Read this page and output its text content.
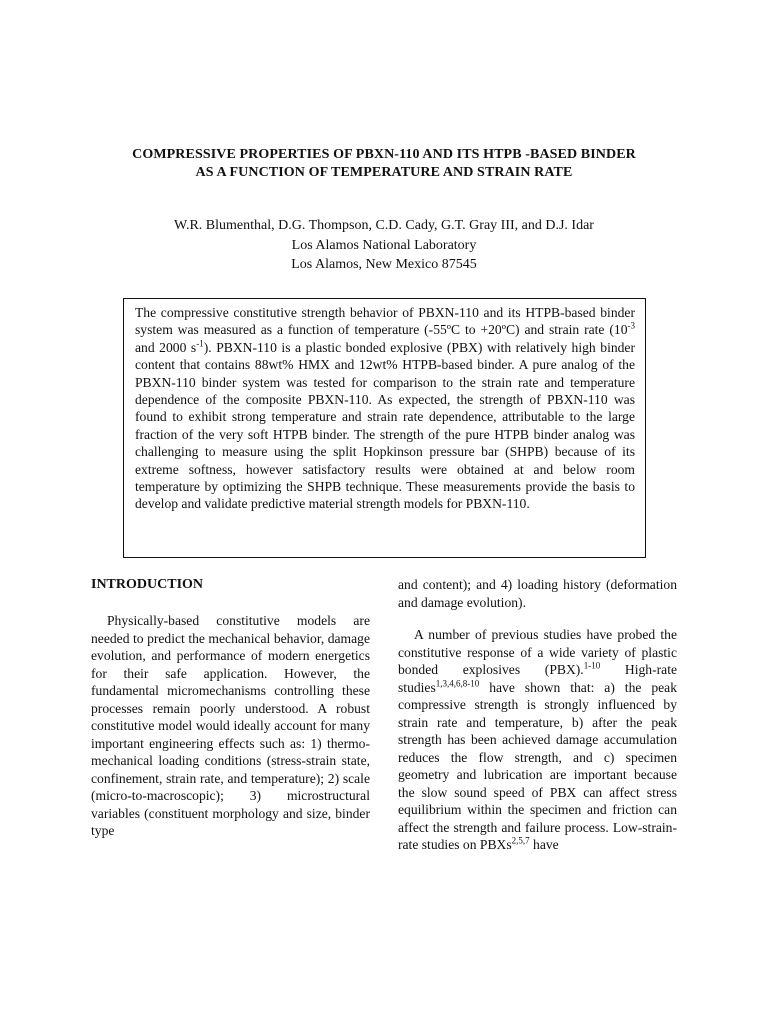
COMPRESSIVE PROPERTIES OF PBXN-110 AND ITS HTPB -BASED BINDER
AS A FUNCTION OF TEMPERATURE AND STRAIN RATE
W.R. Blumenthal, D.G. Thompson, C.D. Cady, G.T. Gray III, and D.J. Idar
Los Alamos National Laboratory
Los Alamos, New Mexico 87545

The compressive constitutive strength behavior of PBXN-110 and its HTPB-based binder system was measured as a function of temperature (-55ºC to +20ºC) and strain rate ($10^{-3}$ and 2000 $s^{-1}$). PBXN-110 is a plastic bonded explosive (PBX) with relatively high binder content that contains 88wt% HMX and 12wt% HTPB-based binder. A pure analog of the PBXN-110 binder system was tested for comparison to the strain rate and temperature dependence of the composite PBXN-110. As expected, the strength of PBXN-110 was found to exhibit strong temperature and strain rate dependence, attributable to the large fraction of the very soft HTPB binder. The strength of the pure HTPB binder analog was challenging to measure using the split Hopkinson pressure bar (SHPB) because of its extreme softness, however satisfactory results were obtained at and below room temperature by optimizing the SHPB technique. These measurements provide the basis to develop and validate predictive material strength models for PBXN-110.

INTRODUCTION

Physically-based constitutive models are needed to predict the mechanical behavior, damage evolution, and performance of modern energetics for their safe application. However, the fundamental micromechanisms controlling these processes remain poorly understood. A robust constitutive model would ideally account for many important engineering effects such as: 1) thermo-mechanical loading conditions (stress-strain state, confinement, strain rate, and temperature); 2) scale (micro-to-macroscopic); 3) microstructural variables (constituent morphology and size, binder type

and content); and 4) loading history (deformation and damage evolution).

A number of previous studies have probed the constitutive response of a wide variety of plastic bonded explosives (PBX).$^{1-10}$ High-rate studies$^{1,3,4,6,8-10}$ have shown that: a) the peak compressive strength is strongly influenced by strain rate and temperature, b) after the peak strength has been achieved damage accumulation reduces the flow strength, and c) specimen geometry and lubrication are important because the slow sound speed of PBX can affect stress equilibrium within the specimen and friction can affect the strength and failure process. Low-strain-rate studies on PBXs$^{2,5,7}$ have
